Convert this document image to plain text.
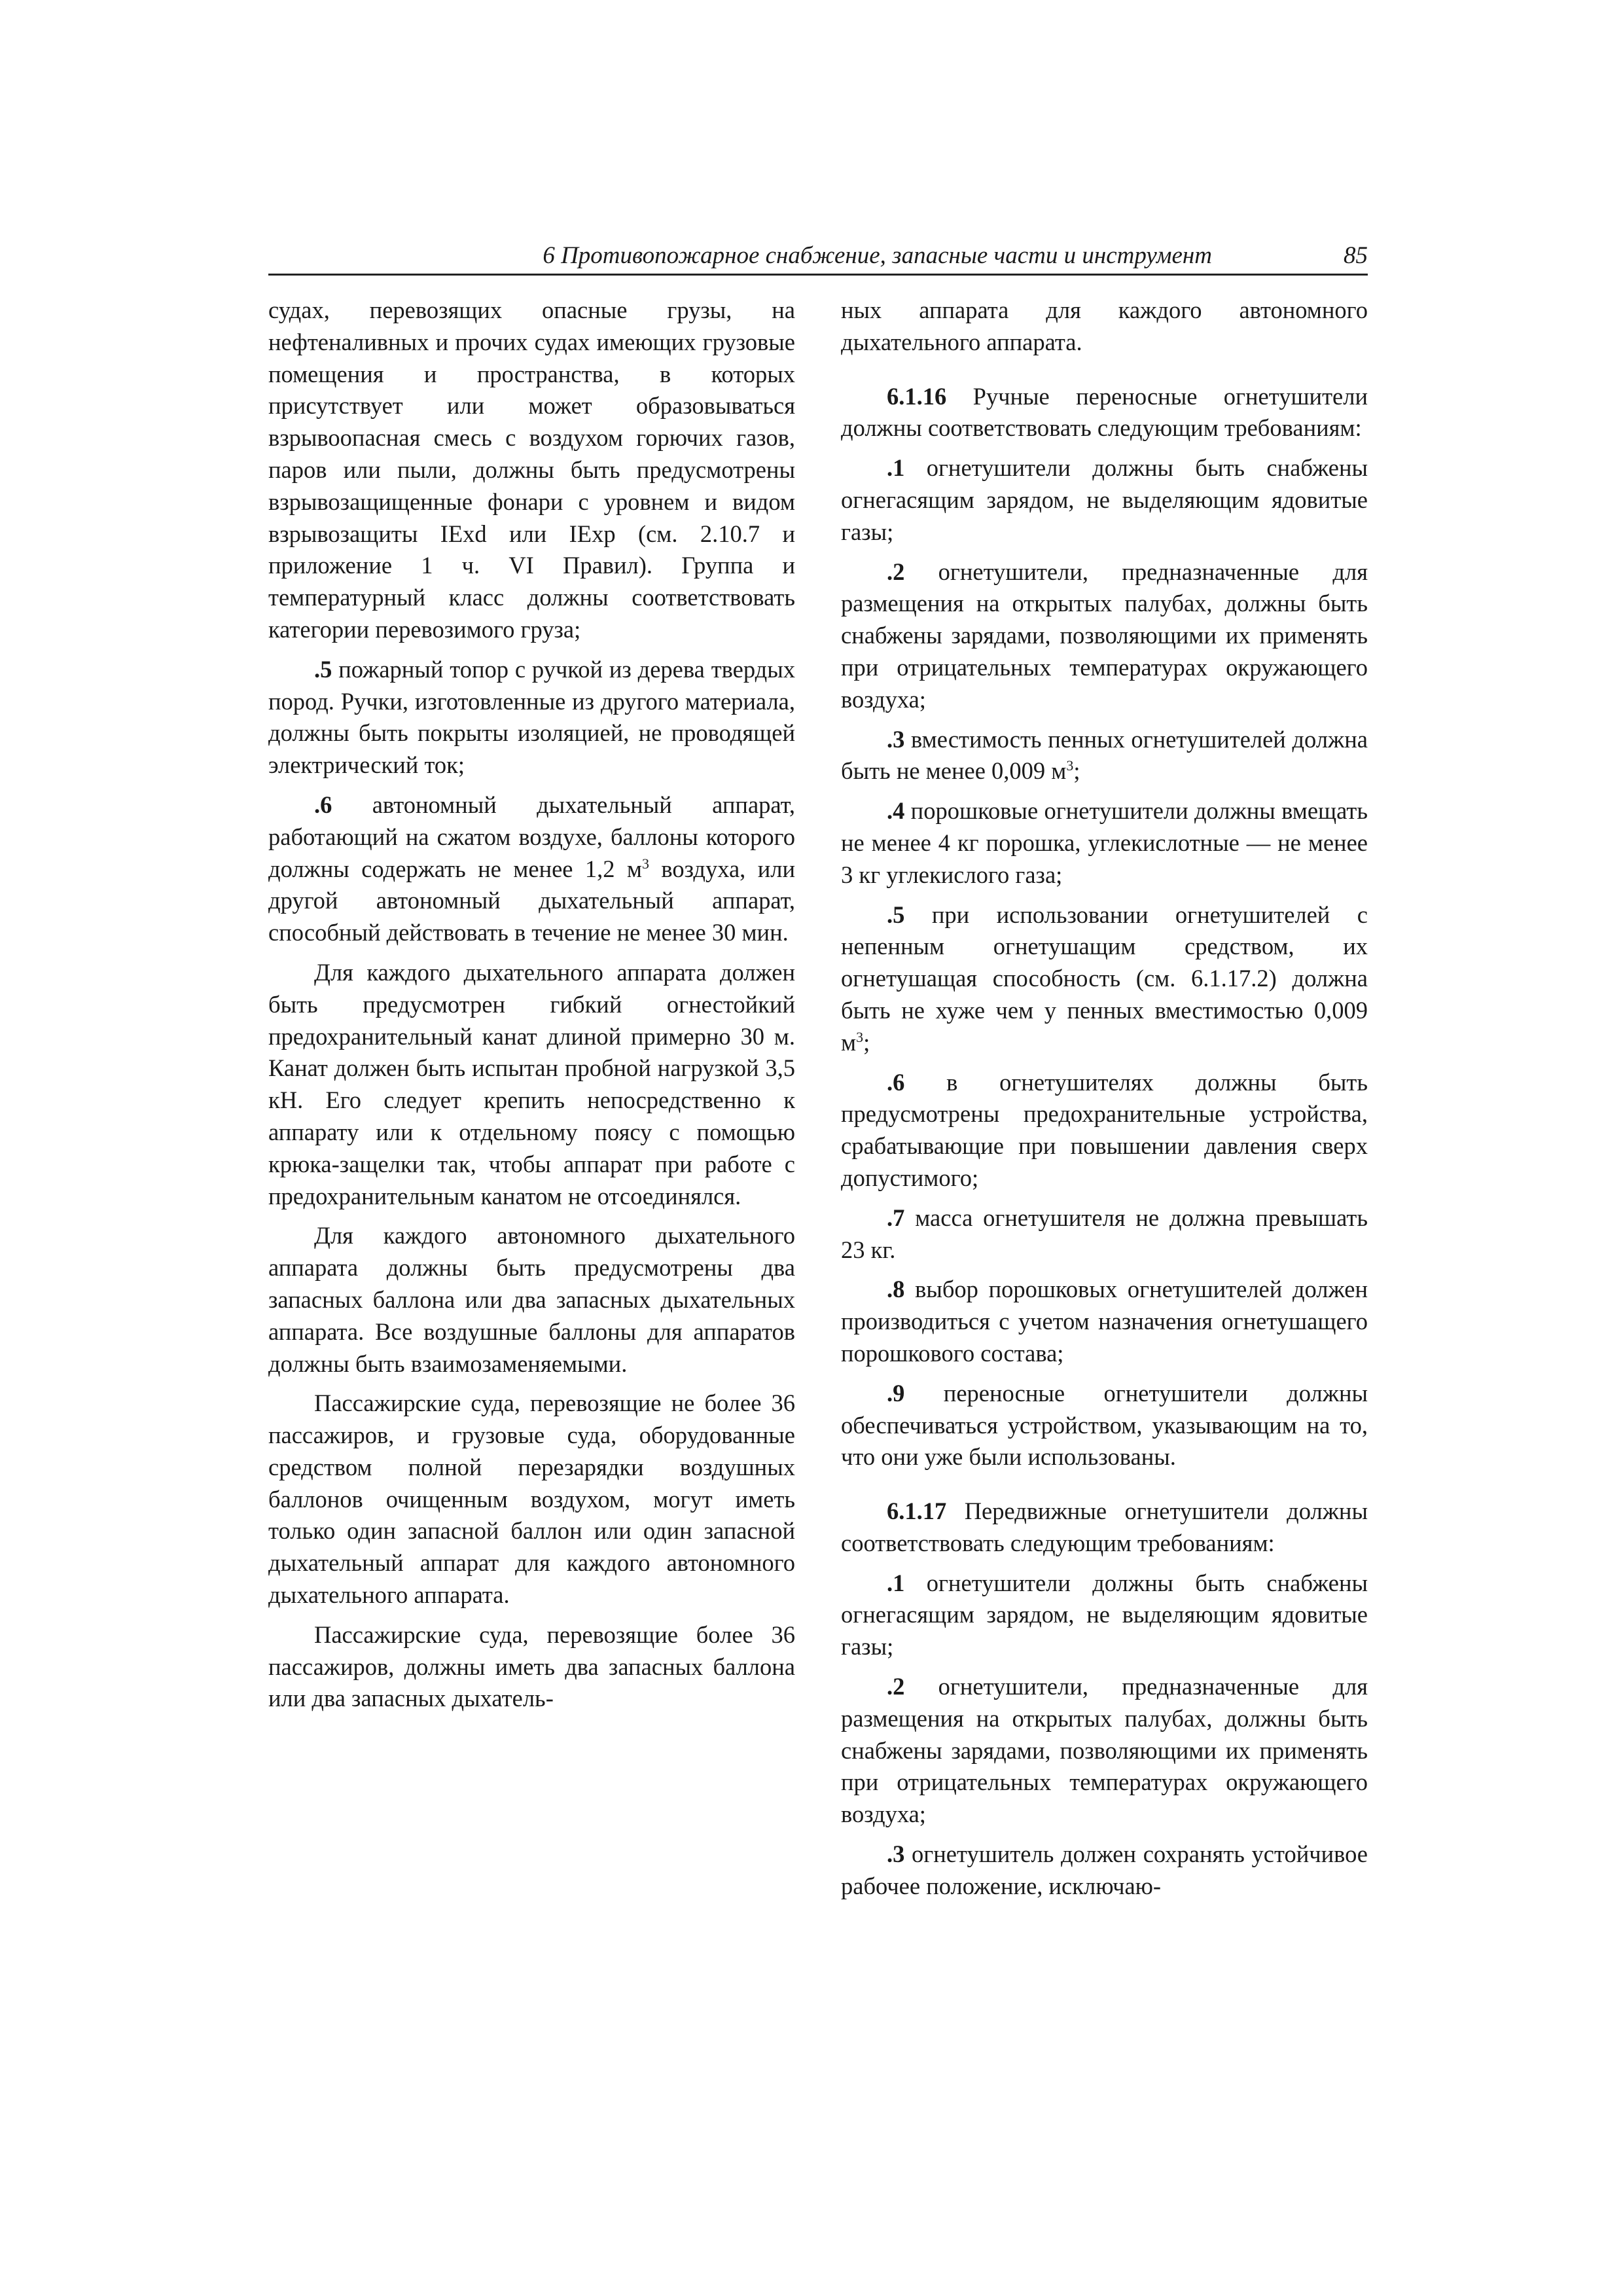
6 Противопожарное снабжение, запасные части и инструмент	85

судах, перевозящих опасные грузы, на нефтеналивных и прочих судах имеющих грузовые помещения и пространства, в которых присутствует или может образовываться взрывоопасная смесь с воздухом горючих газов, паров или пыли, должны быть предусмотрены взрывозащищенные фонари с уровнем и видом взрывозащиты IExd или IExp (см. 2.10.7 и приложение 1 ч. VI Правил). Группа и температурный класс должны соответствовать категории перевозимого груза;

.5 пожарный топор с ручкой из дерева твердых пород. Ручки, изготовленные из другого материала, должны быть покрыты изоляцией, не проводящей электрический ток;

.6 автономный дыхательный аппарат, работающий на сжатом воздухе, баллоны которого должны содержать не менее 1,2 $м^3$ воздуха, или другой автономный дыхательный аппарат, способный действовать в течение не менее 30 мин.

Для каждого дыхательного аппарата должен быть предусмотрен гибкий огнестойкий предохранительный канат длиной примерно 30 м. Канат должен быть испытан пробной нагрузкой 3,5 кН. Его следует крепить непосредственно к аппарату или к отдельному поясу с помощью крюка-защелки так, чтобы аппарат при работе с предохранительным канатом не отсоединялся.

Для каждого автономного дыхательного аппарата должны быть предусмотрены два запасных баллона или два запасных дыхательных аппарата. Все воздушные баллоны для аппаратов должны быть взаимозаменяемыми.

Пассажирские суда, перевозящие не более 36 пассажиров, и грузовые суда, оборудованные средством полной перезарядки воздушных баллонов очищенным воздухом, могут иметь только один запасной баллон или один запасной дыхательный аппарат для каждого автономного дыхательного аппарата.

Пассажирские суда, перевозящие более 36 пассажиров, должны иметь два запасных баллона или два запасных дыхатель-

ных аппарата для каждого автономного дыхательного аппарата.

6.1.16 Ручные переносные огнетушители должны соответствовать следующим требованиям:

.1 огнетушители должны быть снабжены огнегасящим зарядом, не выделяющим ядовитые газы;

.2 огнетушители, предназначенные для размещения на открытых палубах, должны быть снабжены зарядами, позволяющими их применять при отрицательных температурах окружающего воздуха;

.3 вместимость пенных огнетушителей должна быть не менее 0,009 $м^3$;

.4 порошковые огнетушители должны вмещать не менее 4 кг порошка, углекислотные — не менее 3 кг углекислого газа;

.5 при использовании огнетушителей с непенным огнетушащим средством, их огнетушащая способность (см. 6.1.17.2) должна быть не хуже чем у пенных вместимостью 0,009 $м^3$;

.6 в огнетушителях должны быть предусмотрены предохранительные устройства, срабатывающие при повышении давления сверх допустимого;

.7 масса огнетушителя не должна превышать 23 кг.

.8 выбор порошковых огнетушителей должен производиться с учетом назначения огнетушащего порошкового состава;

.9 переносные огнетушители должны обеспечиваться устройством, указывающим на то, что они уже были использованы.

6.1.17 Передвижные огнетушители должны соответствовать следующим требованиям:

.1 огнетушители должны быть снабжены огнегасящим зарядом, не выделяющим ядовитые газы;

.2 огнетушители, предназначенные для размещения на открытых палубах, должны быть снабжены зарядами, позволяющими их применять при отрицательных температурах окружающего воздуха;

.3 огнетушитель должен сохранять устойчивое рабочее положение, исключаю-
